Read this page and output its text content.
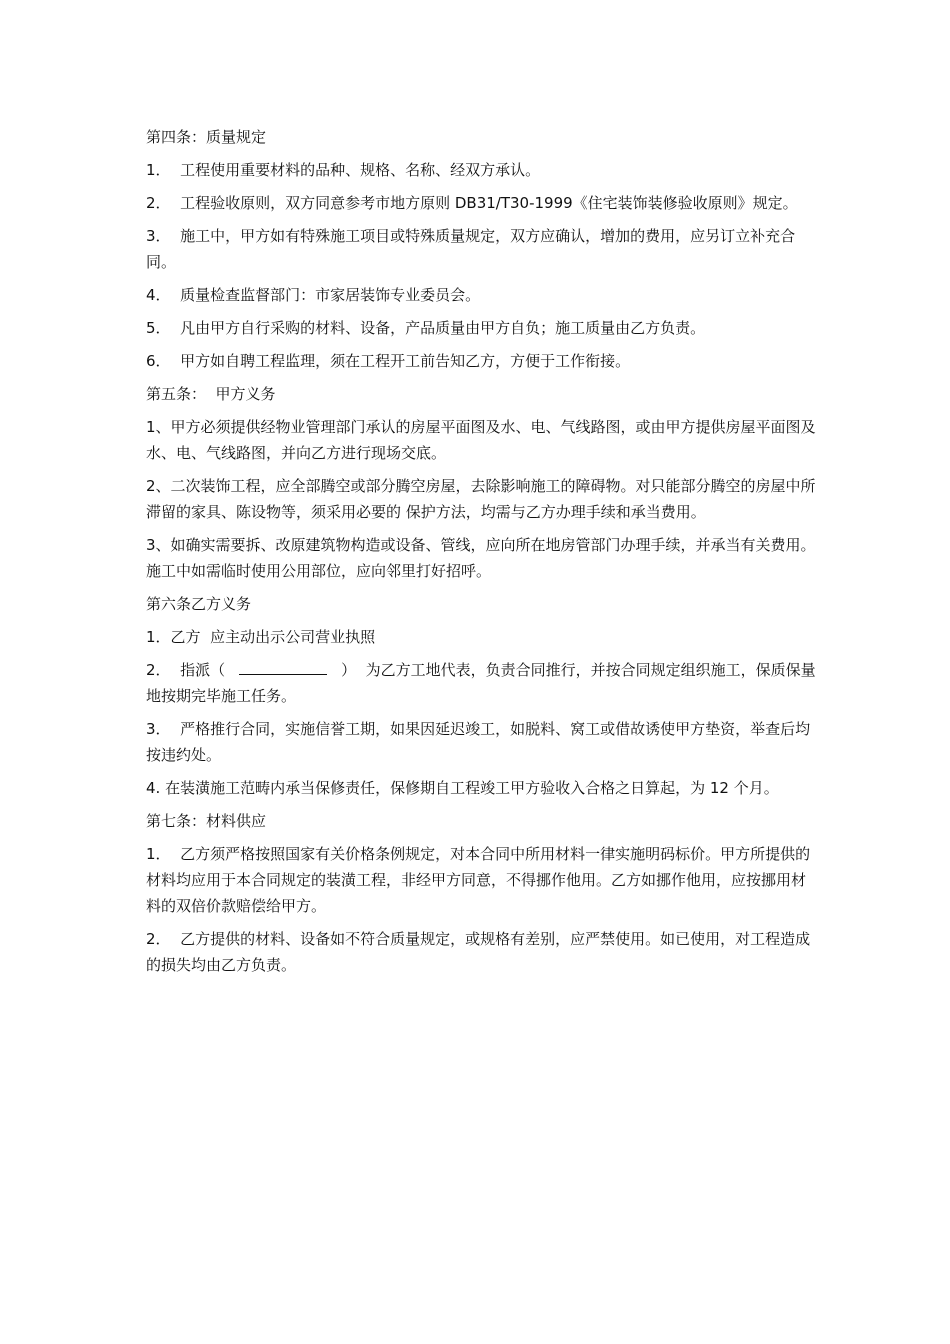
第四条：质量规定
1．  工程使用重要材料的品种、规格、名称、经双方承认。
2．  工程验收原则，双方同意参考市地方原则 DB31/T30-1999《住宅装饰装修验收原则》规定。
3．  施工中，甲方如有特殊施工项目或特殊质量规定，双方应确认，增加的费用，应另订立补充合同。
4．  质量检查监督部门：市家居装饰专业委员会。
5．  凡由甲方自行采购的材料、设备，产品质量由甲方自负；施工质量由乙方负责。
6．  甲方如自聘工程监理，须在工程开工前告知乙方，方便于工作衔接。
第五条：  甲方义务
1、甲方必须提供经物业管理部门承认的房屋平面图及水、电、气线路图，或由甲方提供房屋平面图及水、电、气线路图，并向乙方进行现场交底。
2、二次装饰工程，应全部腾空或部分腾空房屋，去除影响施工的障碍物。对只能部分腾空的房屋中所滞留的家具、陈设物等，须采用必要的 保护方法，均需与乙方办理手续和承当费用。
3、如确实需要拆、改原建筑物构造或设备、管线，应向所在地房管部门办理手续，并承当有关费用。施工中如需临时使用公用部位，应向邻里打好招呼。
第六条乙方义务
1．乙方  应主动出示公司营业执照
2．  指派（	）  为乙方工地代表，负责合同推行，并按合同规定组织施工，保质保量地按期完毕施工任务。
3．  严格推行合同，实施信誉工期，如果因延迟竣工，如脱料、窝工或借故诱使甲方垫资，举查后均按违约处。
4. 在装潢施工范畴内承当保修责任，保修期自工程竣工甲方验收入合格之日算起，为 12 个月。
第七条：材料供应
1．  乙方须严格按照国家有关价格条例规定，对本合同中所用材料一律实施明码标价。甲方所提供的材料均应用于本合同规定的装潢工程，非经甲方同意，不得挪作他用。乙方如挪作他用，应按挪用材料的双倍价款赔偿给甲方。
2．  乙方提供的材料、设备如不符合质量规定，或规格有差别，应严禁使用。如已使用，对工程造成的损失均由乙方负责。
